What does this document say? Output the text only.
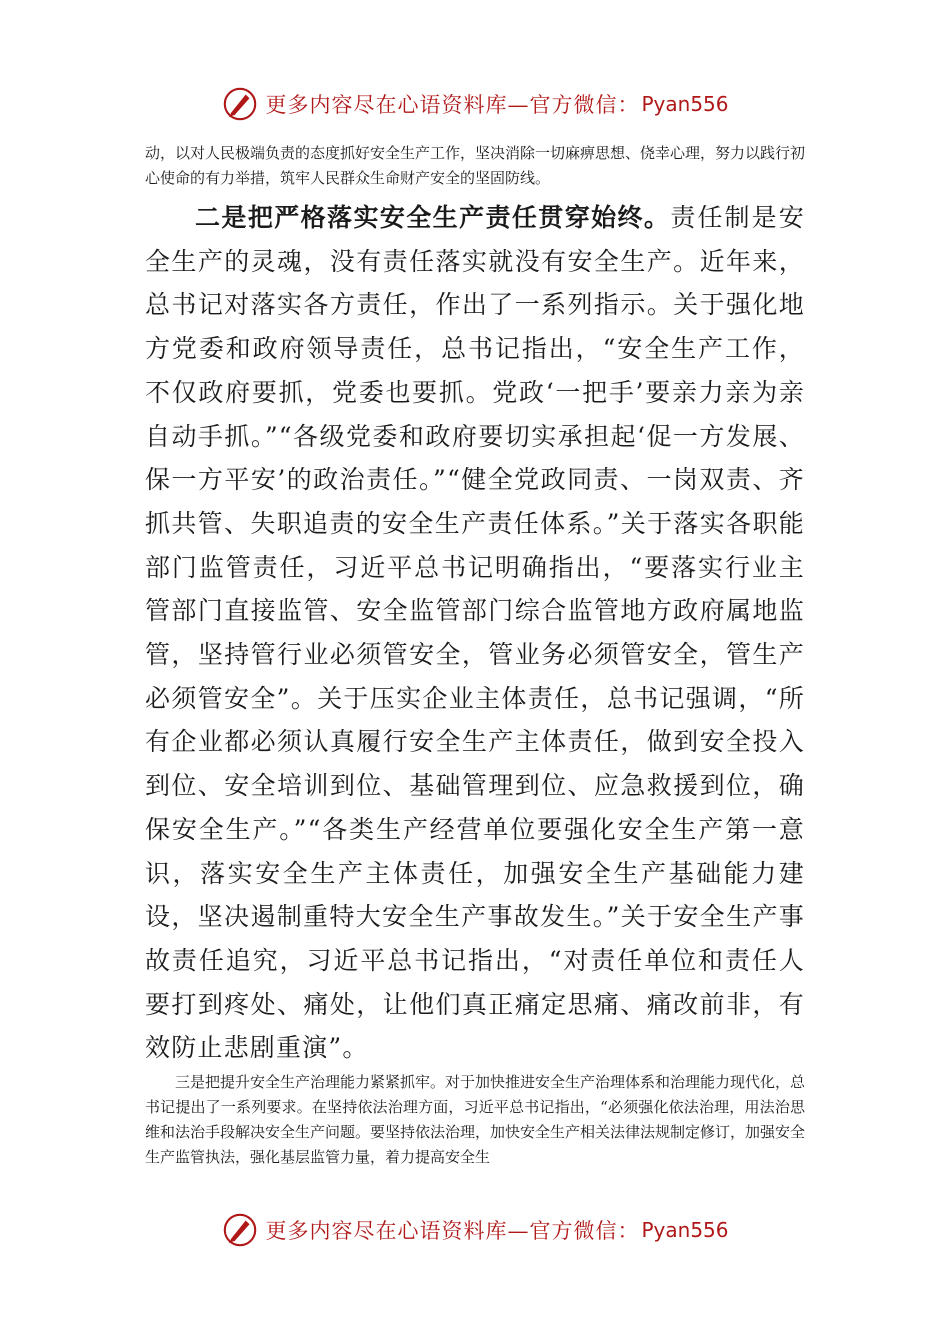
更多内容尽在心语资料库—官方微信： Pyan556
动，以对人民极端负责的态度抓好安全生产工作，坚决消除一切麻痹思想、侥幸心理，努力以践行初心使命的有力举措，筑牢人民群众生命财产安全的坚固防线。
二是把严格落实安全生产责任贯穿始终。责任制是安全生产的灵魂，没有责任落实就没有安全生产。近年来，总书记对落实各方责任，作出了一系列指示。关于强化地方党委和政府领导责任，总书记指出，“安全生产工作，不仅政府要抓，党委也要抓。党政‘一把手’要亲力亲为亲自动手抓。”“各级党委和政府要切实承担起‘促一方发展、保一方平安’的政治责任。”“健全党政同责、一岗双责、齐抓共管、失职追责的安全生产责任体系。”关于落实各职能部门监管责任，习近平总书记明确指出，“要落实行业主管部门直接监管、安全监管部门综合监管地方政府属地监管，坚持管行业必须管安全，管业务必须管安全，管生产必须管安全”。关于压实企业主体责任，总书记强调，“所有企业都必须认真履行安全生产主体责任，做到安全投入到位、安全培训到位、基础管理到位、应急救援到位，确保安全生产。”“各类生产经营单位要强化安全生产第一意识，落实安全生产主体责任，加强安全生产基础能力建设，坚决遏制重特大安全生产事故发生。”关于安全生产事故责任追究，习近平总书记指出，“对责任单位和责任人要打到疼处、痛处，让他们真正痛定思痛、痛改前非，有效防止悲剧重演”。
三是把提升安全生产治理能力紧紧抓牢。对于加快推进安全生产治理体系和治理能力现代化，总书记提出了一系列要求。在坚持依法治理方面，习近平总书记指出，“必须强化依法治理，用法治思维和法治手段解决安全生产问题。要坚持依法治理，加快安全生产相关法律法规制定修订，加强安全生产监管执法，强化基层监管力量，着力提高安全生
更多内容尽在心语资料库—官方微信： Pyan556
